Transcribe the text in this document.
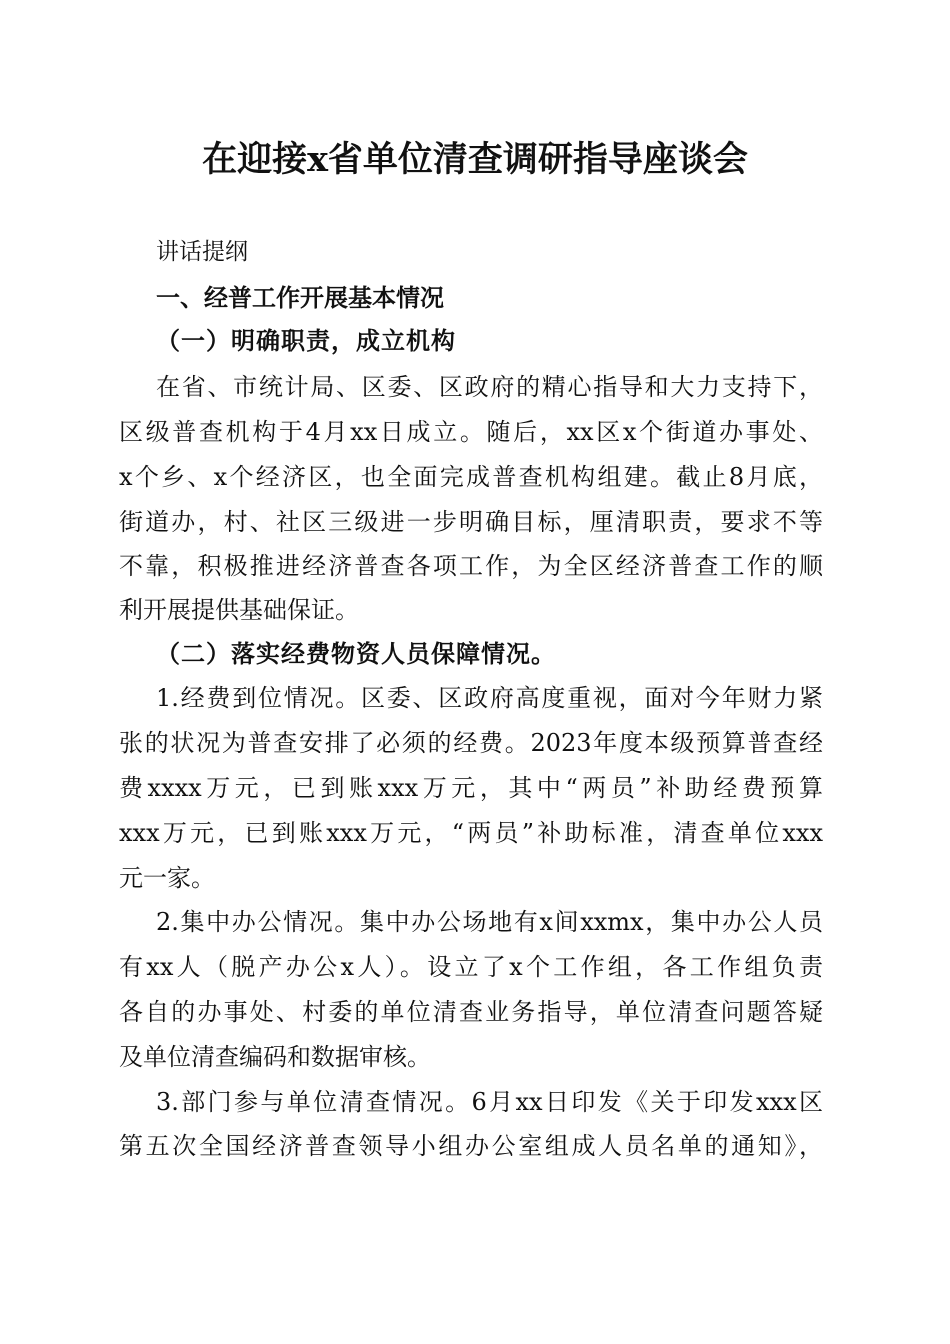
在迎接x省单位清查调研指导座谈会
讲话提纲
一、经普工作开展基本情况
（一）明确职责，成立机构
在省、市统计局、区委、区政府的精心指导和大力支持下，
区级普查机构于4月xx日成立。随后，xx区x个街道办事处、
x个乡、x个经济区，也全面完成普查机构组建。截止8月底，
街道办，村、社区三级进一步明确目标，厘清职责，要求不等
不靠，积极推进经济普查各项工作，为全区经济普查工作的顺
利开展提供基础保证。
（二）落实经费物资人员保障情况。
1.经费到位情况。区委、区政府高度重视，面对今年财力紧
张的状况为普查安排了必须的经费。2023年度本级预算普查经
费xxxx万元，已到账xxx万元，其中“两员”补助经费预算
xxx万元，已到账xxx万元，“两员”补助标准，清查单位xxx
元一家。
2.集中办公情况。集中办公场地有x间xxmx，集中办公人员
有xx人（脱产办公x人）。设立了x个工作组，各工作组负责
各自的办事处、村委的单位清查业务指导，单位清查问题答疑
及单位清查编码和数据审核。
3.部门参与单位清查情况。6月xx日印发《关于印发xxx区
第五次全国经济普查领导小组办公室组成人员名单的通知》，
